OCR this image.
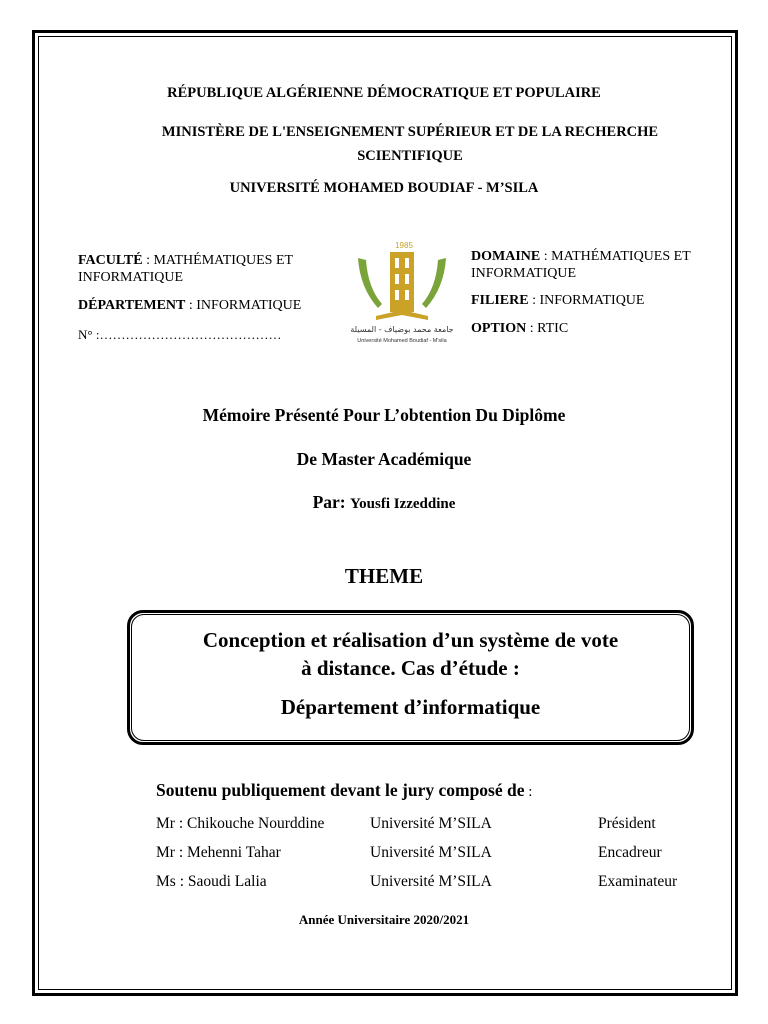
RÉPUBLIQUE ALGÉRIENNE DÉMOCRATIQUE ET POPULAIRE
MINISTÈRE DE L'ENSEIGNEMENT SUPÉRIEUR ET DE LA RECHERCHE SCIENTIFIQUE
UNIVERSITÉ MOHAMED BOUDIAF - M’SILA
FACULTÉ : MATHÉMATIQUES ET INFORMATIQUE
DÉPARTEMENT : INFORMATIQUE
N° :……………………………………
1985
جامعة محمد بوضياف - المسيلة
Université Mohamed Boudiaf - M'sila
DOMAINE : MATHÉMATIQUES ET INFORMATIQUE
FILIERE : INFORMATIQUE
OPTION : RTIC
Mémoire Présenté Pour L’obtention Du Diplôme
De Master Académique
Par: Yousfi Izzeddine
THEME
Conception et réalisation d’un système de vote
à distance. Cas d’étude :
Département d’informatique
Soutenu publiquement devant le jury composé de :
Mr : Chikouche Nourddine	Université M’SILA	Président
Mr : Mehenni Tahar	Université M’SILA	Encadreur
Ms : Saoudi Lalia	Université M’SILA	Examinateur
Année Universitaire 2020/2021
